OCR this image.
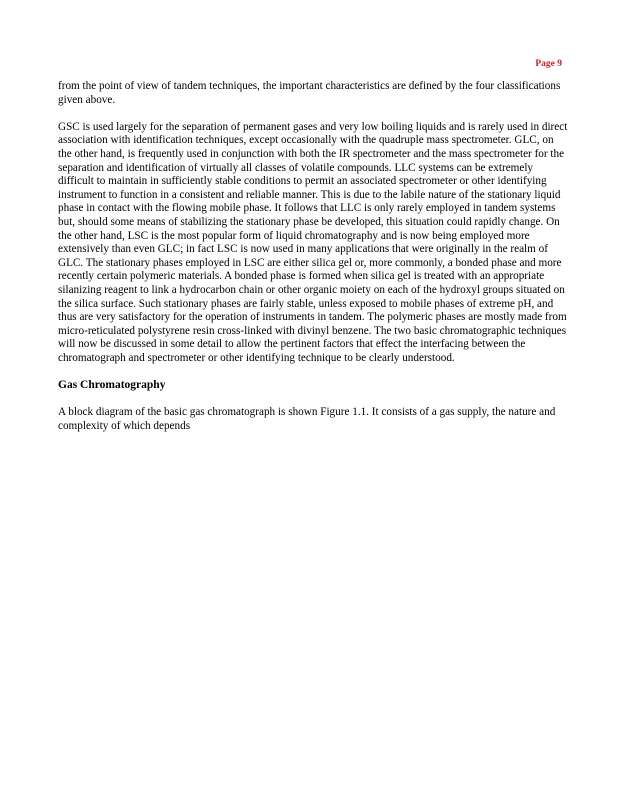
Page 9

from the point of view of tandem techniques, the important characteristics are defined by the four classifications given above.

GSC is used largely for the separation of permanent gases and very low boiling liquids and is rarely used in direct association with identification techniques, except occasionally with the quadruple mass spectrometer. GLC, on the other hand, is frequently used in conjunction with both the IR spectrometer and the mass spectrometer for the separation and identification of virtually all classes of volatile compounds. LLC systems can be extremely difficult to maintain in sufficiently stable conditions to permit an associated spectrometer or other identifying instrument to function in a consistent and reliable manner. This is due to the labile nature of the stationary liquid phase in contact with the flowing mobile phase. It follows that LLC is only rarely employed in tandem systems but, should some means of stabilizing the stationary phase be developed, this situation could rapidly change. On the other hand, LSC is the most popular form of liquid chromatography and is now being employed more extensively than even GLC; in fact LSC is now used in many applications that were originally in the realm of GLC. The stationary phases employed in LSC are either silica gel or, more commonly, a bonded phase and more recently certain polymeric materials. A bonded phase is formed when silica gel is treated with an appropriate silanizing reagent to link a hydrocarbon chain or other organic moiety on each of the hydroxyl groups situated on the silica surface. Such stationary phases are fairly stable, unless exposed to mobile phases of extreme pH, and thus are very satisfactory for the operation of instruments in tandem. The polymeric phases are mostly made from micro-reticulated polystyrene resin cross-linked with divinyl benzene. The two basic chromatographic techniques will now be discussed in some detail to allow the pertinent factors that effect the interfacing between the chromatograph and spectrometer or other identifying technique to be clearly understood.

Gas Chromatography

A block diagram of the basic gas chromatograph is shown Figure 1.1. It consists of a gas supply, the nature and complexity of which depends
